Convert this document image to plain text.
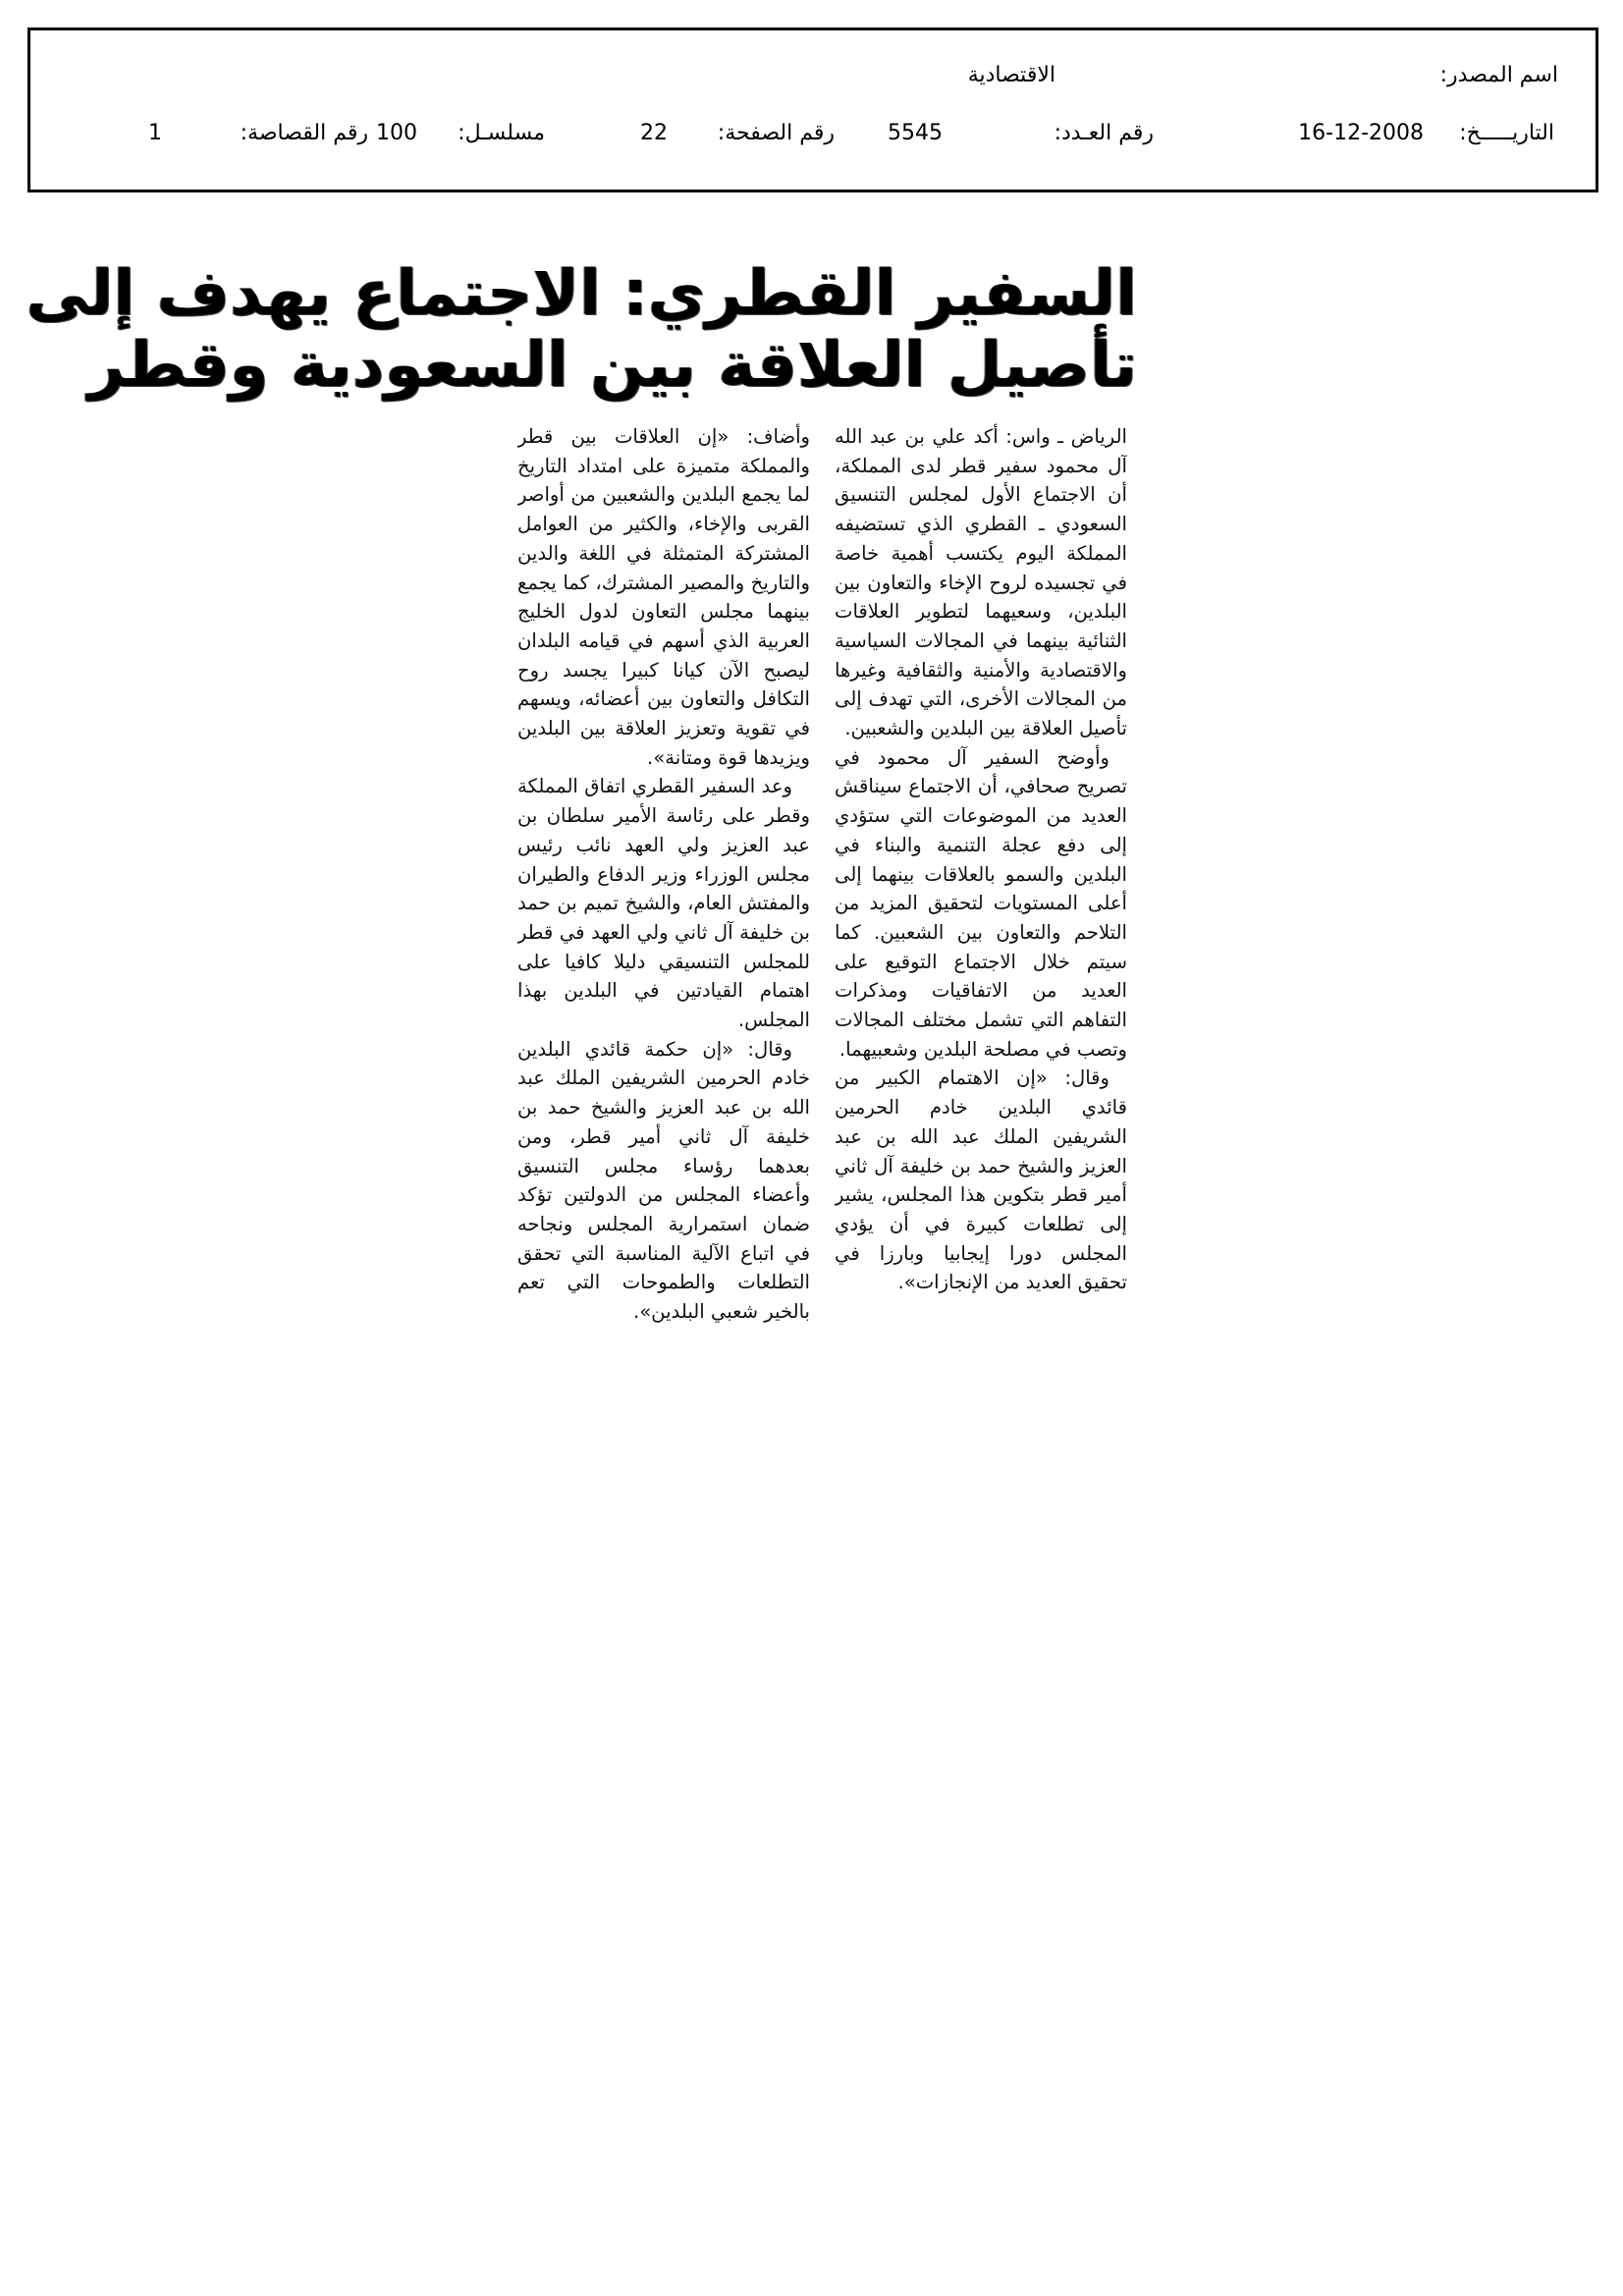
اسم المصدر:
الاقتصادية
التاريـــــخ:
16-12-2008
رقم العـدد:
5545
رقم الصفحة:
22
مسلسـل:
100
رقم القصاصة:
1
السفير القطري: الاجتماع يهدف إلى
تأصيل العلاقة بين السعودية وقطر

الرياض ـ واس: أكد علي بن عبد الله آل محمود سفير قطر لدى المملكة، أن الاجتماع الأول لمجلس التنسيق السعودي ـ القطري الذي تستضيفه المملكة اليوم يكتسب أهمية خاصة في تجسيده لروح الإخاء والتعاون بين البلدين، وسعيهما لتطوير العلاقات الثنائية بينهما في المجالات السياسية والاقتصادية والأمنية والثقافية وغيرها من المجالات الأخرى، التي تهدف إلى تأصيل العلاقة بين البلدين والشعبين.

وأوضح السفير آل محمود في تصريح صحافي، أن الاجتماع سيناقش العديد من الموضوعات التي ستؤدي إلى دفع عجلة التنمية والبناء في البلدين والسمو بالعلاقات بينهما إلى أعلى المستويات لتحقيق المزيد من التلاحم والتعاون بين الشعبين. كما سيتم خلال الاجتماع التوقيع على العديد من الاتفاقيات ومذكرات التفاهم التي تشمل مختلف المجالات وتصب في مصلحة البلدين وشعبيهما.

وقال: «إن الاهتمام الكبير من قائدي البلدين خادم الحرمين الشريفين الملك عبد الله بن عبد العزيز والشيخ حمد بن خليفة آل ثاني أمير قطر بتكوين هذا المجلس، يشير إلى تطلعات كبيرة في أن يؤدي المجلس دورا إيجابيا وبارزا في تحقيق العديد من الإنجازات».

وأضاف: «إن العلاقات بين قطر والمملكة متميزة على امتداد التاريخ لما يجمع البلدين والشعبين من أواصر القربى والإخاء، والكثير من العوامل المشتركة المتمثلة في اللغة والدين والتاريخ والمصير المشترك، كما يجمع بينهما مجلس التعاون لدول الخليج العربية الذي أسهم في قيامه البلدان ليصبح الآن كيانا كبيرا يجسد روح التكافل والتعاون بين أعضائه، ويسهم في تقوية وتعزيز العلاقة بين البلدين ويزيدها قوة ومتانة».

وعد السفير القطري اتفاق المملكة وقطر على رئاسة الأمير سلطان بن عبد العزيز ولي العهد نائب رئيس مجلس الوزراء وزير الدفاع والطيران والمفتش العام، والشيخ تميم بن حمد بن خليفة آل ثاني ولي العهد في قطر للمجلس التنسيقي دليلا كافيا على اهتمام القيادتين في البلدين بهذا المجلس.

وقال: «إن حكمة قائدي البلدين خادم الحرمين الشريفين الملك عبد الله بن عبد العزيز والشيخ حمد بن خليفة آل ثاني أمير قطر، ومن بعدهما رؤساء مجلس التنسيق وأعضاء المجلس من الدولتين تؤكد ضمان استمرارية المجلس ونجاحه في اتباع الآلية المناسبة التي تحقق التطلعات والطموحات التي تعم بالخير شعبي البلدين».
